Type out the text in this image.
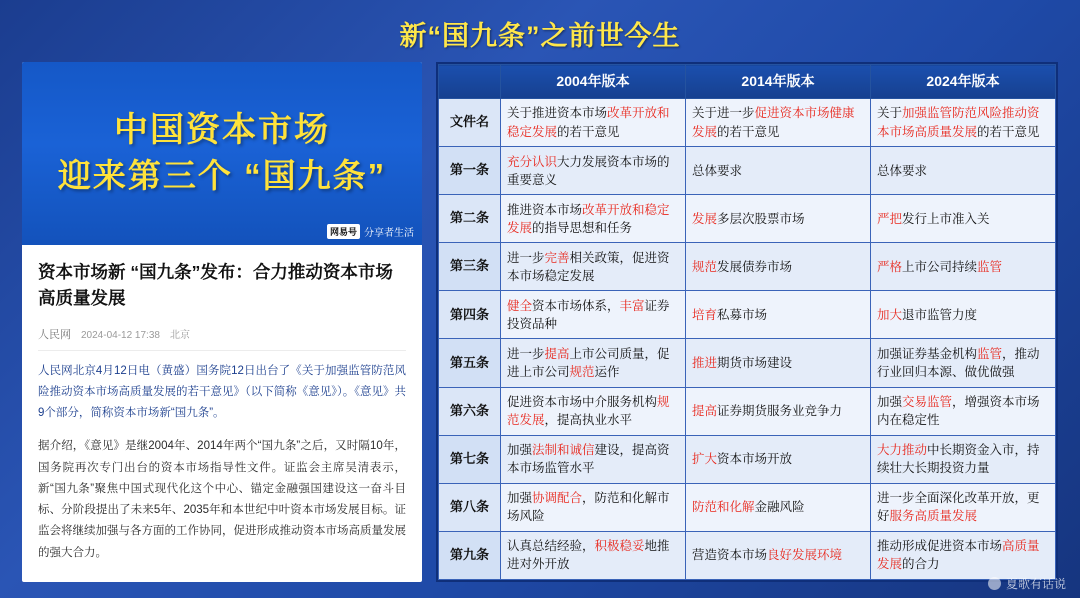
新“国九条”之前世今生
中国资本市场
迎来第三个 “国九条”
网易号 分享者生活
资本市场新 “国九条”发布：合力推动资本市场高质量发展
人民网 2024-04-12 17:38 北京

人民网北京4月12日电（黄盛）国务院12日出台了《关于加强监管防范风险推动资本市场高质量发展的若干意见》（以下简称《意见》）。《意见》共9个部分，简称资本市场新“国九条”。

据介绍，《意见》是继2004年、2014年两个“国九条”之后，又时隔10年，国务院再次专门出台的资本市场指导性文件。证监会主席吴清表示，新“国九条”聚焦中国式现代化这个中心、锚定金融强国建设这一奋斗目标、分阶段提出了未来5年、2035年和本世纪中叶资本市场发展目标。证监会将继续加强与各方面的工作协同，促进形成推动资本市场高质量发展的强大合力。

	2004年版本	2014年版本	2024年版本
文件名	关于推进资本市场改革开放和稳定发展的若干意见	关于进一步促进资本市场健康发展的若干意见	关于加强监管防范风险推动资本市场高质量发展的若干意见
第一条	充分认识大力发展资本市场的重要意义	总体要求	总体要求
第二条	推进资本市场改革开放和稳定发展的指导思想和任务	发展多层次股票市场	严把发行上市准入关
第三条	进一步完善相关政策，促进资本市场稳定发展	规范发展债券市场	严格上市公司持续监管
第四条	健全资本市场体系，丰富证券投资品种	培育私募市场	加大退市监管力度
第五条	进一步提高上市公司质量，促进上市公司规范运作	推进期货市场建设	加强证券基金机构监管，推动行业回归本源、做优做强
第六条	促进资本市场中介服务机构规范发展，提高执业水平	提高证券期货服务业竞争力	加强交易监管，增强资本市场内在稳定性
第七条	加强法制和诚信建设，提高资本市场监管水平	扩大资本市场开放	大力推动中长期资金入市，持续壮大长期投资力量
第八条	加强协调配合，防范和化解市场风险	防范和化解金融风险	进一步全面深化改革开放，更好服务高质量发展
第九条	认真总结经验，积极稳妥地推进对外开放	营造资本市场良好发展环境	推动形成促进资本市场高质量发展的合力
夏歌有话说
